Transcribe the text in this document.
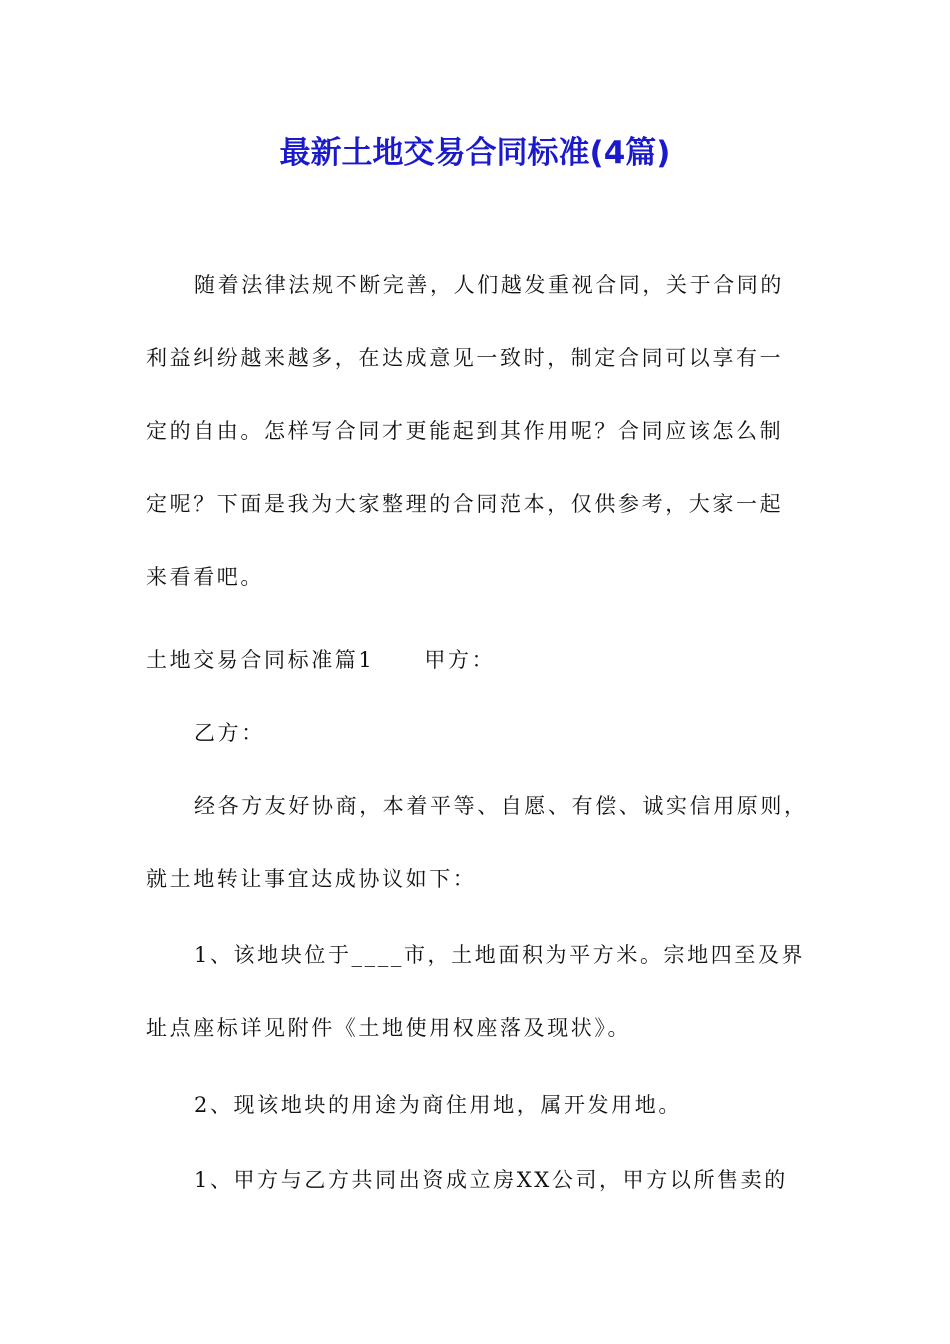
最新土地交易合同标准(4篇)
随着法律法规不断完善，人们越发重视合同，关于合同的
利益纠纷越来越多，在达成意见一致时，制定合同可以享有一
定的自由。怎样写合同才更能起到其作用呢？合同应该怎么制
定呢？下面是我为大家整理的合同范本，仅供参考，大家一起
来看看吧。
土地交易合同标准篇1 甲方：
乙方：
经各方友好协商，本着平等、自愿、有偿、诚实信用原则，
就土地转让事宜达成协议如下：
1、该地块位于____市，土地面积为平方米。宗地四至及界
址点座标详见附件《土地使用权座落及现状》。
2、现该地块的用途为商住用地，属开发用地。
1、甲方与乙方共同出资成立房XX公司，甲方以所售卖的
